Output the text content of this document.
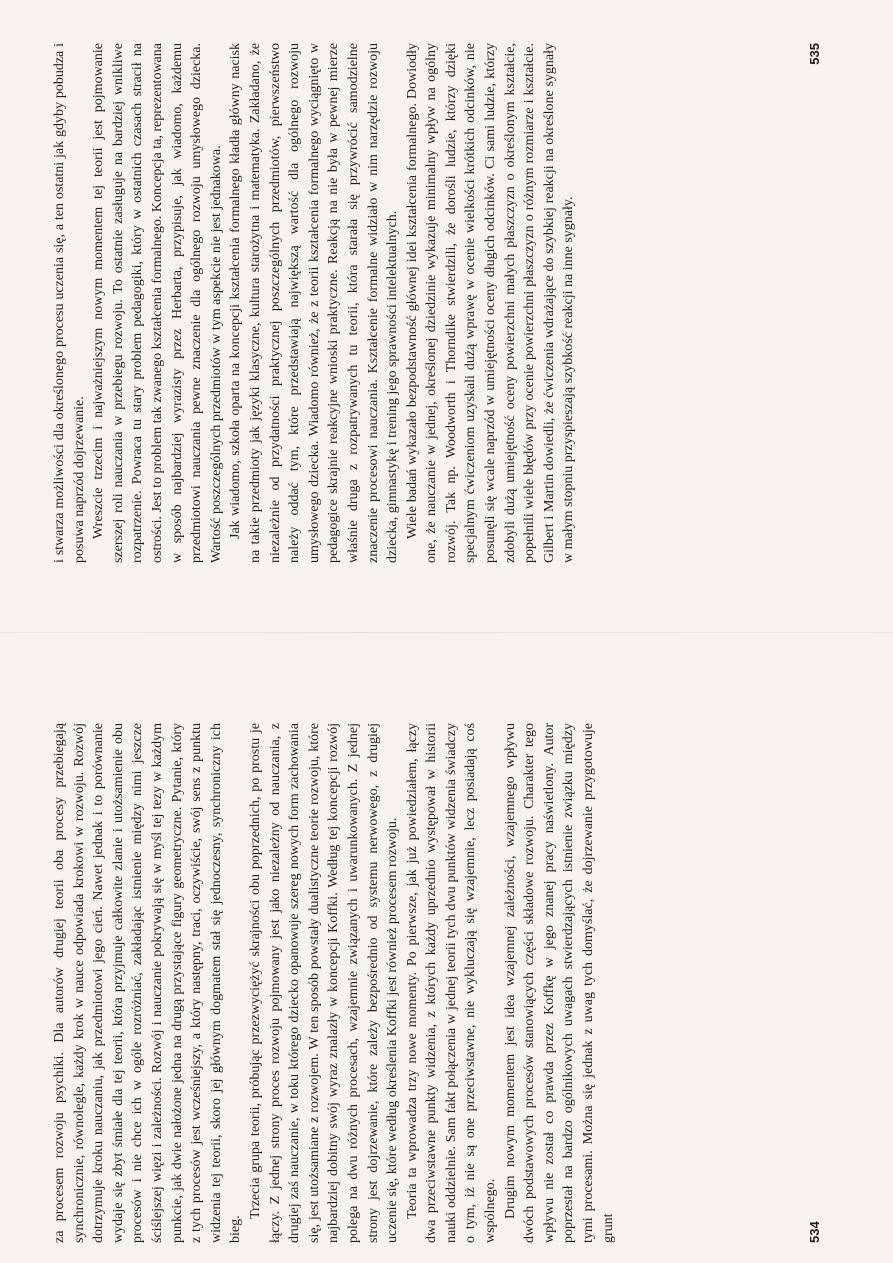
za procesem rozwoju psychiki. Dla autorów drugiej teorii oba procesy przebiegają synchronicznie, równolegle, każdy krok w nauce odpowiada krokowi w rozwoju. Rozwój dotrzymuje kroku nauczaniu, jak przedmiotowi jego cień. Nawet jednak i to porównanie wydaje się zbyt śmiałe dla tej teorii, która przyjmuje całkowite zlanie i utożsamienie obu procesów i nie chce ich w ogóle rozróżniać, zakładając istnienie między nimi jeszcze ściślejszej więzi i zależności. Rozwój i nauczanie pokrywają się w myśl tej tezy w każdym punkcie, jak dwie nałożone jedna na drugą przystające figury geometryczne. Pytanie, który z tych procesów jest wcześniejszy, a który następny, traci, oczywiście, swój sens z punktu widzenia tej teorii, skoro jej głównym dogmatem stał się jednoczesny, synchroniczny ich bieg.

Trzecia grupa teorii, próbując przezwyciężyć skrajności obu poprzednich, po prostu je łączy. Z jednej strony proces rozwoju pojmowany jest jako niezależny od nauczania, z drugiej zaś nauczanie, w toku którego dziecko opanowuje szereg nowych form zachowania się, jest utożsamiane z rozwojem. W ten sposób powstały dualistyczne teorie rozwoju, które najbardziej dobitny swój wyraz znalazły w koncepcji Koffki. Według tej koncepcji rozwój polega na dwu różnych procesach, wzajemnie związanych i uwarunkowanych. Z jednej strony jest dojrzewanie, które zależy bezpośrednio od systemu nerwowego, z drugiej uczenie się, które według określenia Koffki jest również procesem rozwoju. Teoria ta wprowadza trzy nowe momenty. Po pierwsze, jak już powiedziałem, łączy dwa przeciwstawne punkty widzenia, z których każdy uprzednio występował w historii nauki oddzielnie. Sam fakt połączenia w jednej teorii tych dwu punktów widzenia świadczy o tym, iż nie są one przeciwstawne, nie wykluczają się wzajemnie, lecz posiadają coś wspólnego. Drugim nowym momentem jest idea wzajemnej zależności, wzajemnego wpływu dwóch podstawowych procesów stanowiących części składowe rozwoju. Charakter tego wpływu nie został co prawda przez Koffkę w jego znanej pracy naświetlony. Autor poprzestał na bardzo ogólnikowych uwagach stwierdzających istnienie związku między tymi procesami. Można się jednak z uwag tych domyślać, że dojrzewanie przygotowuje grunt	534

i stwarza możliwości dla określonego procesu uczenia się, a ten ostatni jak gdyby pobudza i posuwa naprzód dojrzewanie. Wreszcie trzecim i najważniejszym nowym momentem tej teorii jest pojmowanie szerszej roli nauczania w przebiegu rozwoju. To ostatnie zasługuje na bardziej wnikliwe rozpatrzenie. Powraca tu stary problem pedagogiki, który w ostatnich czasach stracił na ostrości. Jest to problem tak zwanego kształcenia formalnego. Koncepcja ta, reprezentowana w sposób najbardziej wyrazisty przez Herbarta, przypisuje, jak wiadomo, każdemu przedmiotowi nauczania pewne znaczenie dla ogólnego rozwoju umysłowego dziecka. Wartość poszczególnych przedmiotów w tym aspekcie nie jest jednakowa. Jak wiadomo, szkoła oparta na koncepcji kształcenia formalnego kładła główny nacisk na takie przedmioty jak języki klasyczne, kultura starożytna i matematyka. Zakładano, że niezależnie od przydatności praktycznej poszczególnych przedmiotów, pierwszeństwo należy oddać tym, które przedstawiają największą wartość dla ogólnego rozwoju umysłowego dziecka. Wiadomo również, że z teorii kształcenia formalnego wyciągnięto w pedagogice skrajnie reakcyjne wnioski praktyczne. Reakcją na nie była w pewnej mierze właśnie druga z rozpatrywanych tu teorii, która starała się przywrócić samodzielne znaczenie procesowi nauczania. Kształcenie formalne widziało w nim narzędzie rozwoju dziecka, gimnastykę i trening jego sprawności intelektualnych. Wiele badań wykazało bezpodstawność głównej idei kształcenia formalnego. Dowiodły one, że nauczanie w jednej, określonej dziedzinie wykazuje minimalny wpływ na ogólny rozwój. Tak np. Woodworth i Thorndike stwierdzili, że dorośli ludzie, którzy dzięki specjalnym ćwiczeniom uzyskali dużą wprawę w ocenie wielkości krótkich odcinków, nie posunęli się wcale naprzód w umiejętności oceny długich odcinków. Ci sami ludzie, którzy zdobyli dużą umiejętność oceny powierzchni małych płaszczyzn o określonym kształcie, popełnili wiele błędów przy ocenie powierzchni płaszczyzn o różnym rozmiarze i kształcie. Gilbert i Martin dowiedli, że ćwiczenia wdrażające do szybkiej reakcji na określone sygnały w małym stopniu przyspieszają szybkość reakcji na inne sygnały.

535
